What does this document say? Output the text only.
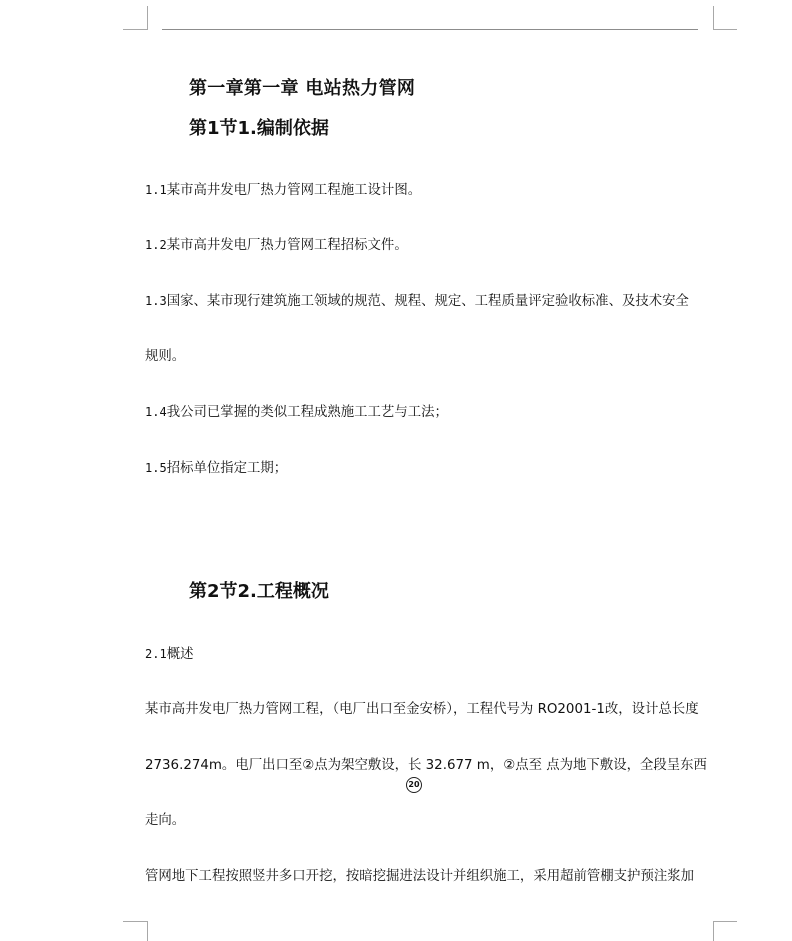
第一章第一章 电站热力管网
第1节1.编制依据
1.1某市高井发电厂热力管网工程施工设计图。
1.2某市高井发电厂热力管网工程招标文件。
1.3国家、某市现行建筑施工领域的规范、规程、规定、工程质量评定验收标准、及技术安全
规则。
1.4我公司已掌握的类似工程成熟施工工艺与工法；
1.5招标单位指定工期；
第2节2.工程概况
2.1概述
某市高井发电厂热力管网工程，（电厂出口至金安桥），工程代号为 RO2001-1改，设计总长度
2736.274m。电厂出口至②点为架空敷设，长 32.677 m，②点至 点为地下敷设，全段呈东西
走向。
管网地下工程按照竖井多口开挖，按暗挖掘进法设计并组织施工，采用超前管棚支护预注浆加
20
